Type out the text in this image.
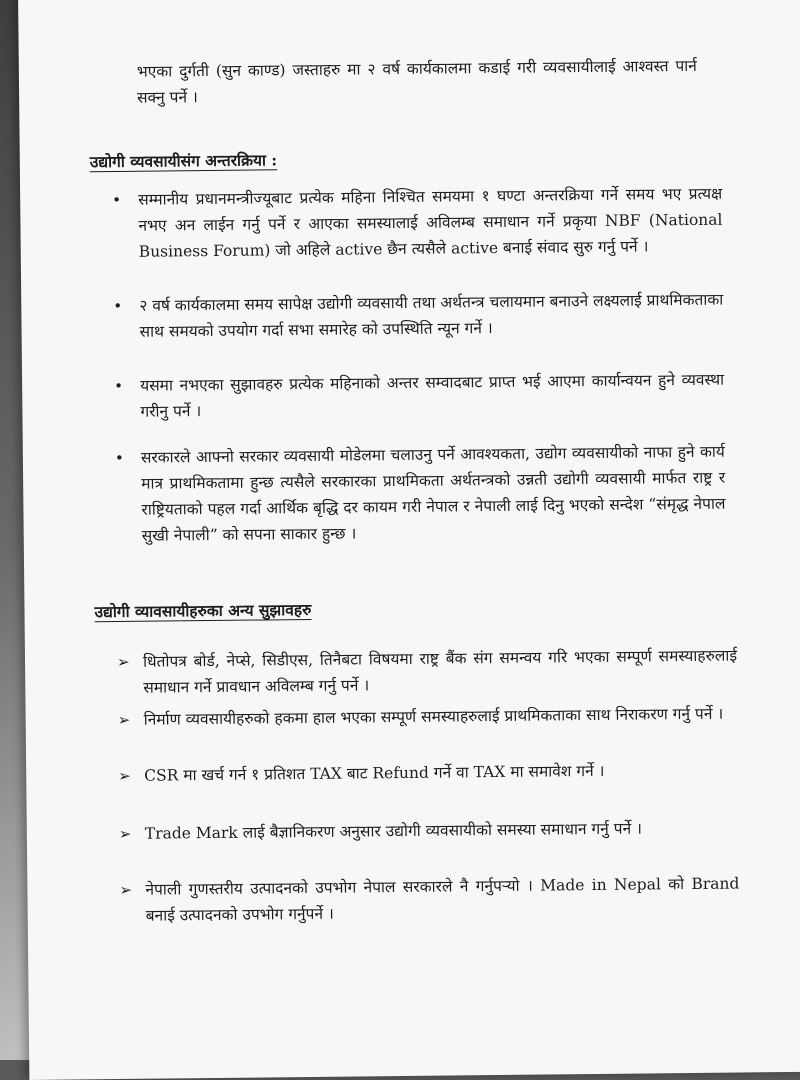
भएका दुर्गती (सुन काण्ड) जस्ताहरु मा २ वर्ष कार्यकालमा कडाई गरी व्यवसायीलाई आश्वस्त पार्न सक्नु पर्ने ।
उद्योगी व्यवसायीसंग अन्तरक्रिया :
•	सम्मानीय प्रधानमन्त्रीज्यूबाट प्रत्येक महिना निश्चित समयमा १ घण्टा अन्तरक्रिया गर्ने समय भए प्रत्यक्ष नभए अन लाईन गर्नु पर्ने र आएका समस्यालाई अविलम्ब समाधान गर्ने प्रकृया NBF (National Business Forum) जो अहिले active छैन त्यसैले active बनाई संवाद सुरु गर्नु पर्ने ।
•	२ वर्ष कार्यकालमा समय सापेक्ष उद्योगी व्यवसायी तथा अर्थतन्त्र चलायमान बनाउने लक्ष्यलाई प्राथमिकताका साथ समयको उपयोग गर्दा सभा समारेह को उपस्थिति न्यून गर्ने ।
•	यसमा नभएका सुझावहरु प्रत्येक महिनाको अन्तर सम्वादबाट प्राप्त भई आएमा कार्यान्वयन हुने व्यवस्था गरीनु पर्ने ।
•	सरकारले आफ्नो सरकार व्यवसायी मोडेलमा चलाउनु पर्ने आवश्यकता, उद्योग व्यवसायीको नाफा हुने कार्य मात्र प्राथमिकतामा हुन्छ त्यसैले सरकारका प्राथमिकता अर्थतन्त्रको उन्नती उद्योगी व्यवसायी मार्फत राष्ट्र र राष्ट्रियताको पहल गर्दा आर्थिक बृद्धि दर कायम गरी नेपाल र नेपाली लाई दिनु भएको सन्देश “संमृद्ध नेपाल सुखी नेपाली” को सपना साकार हुन्छ ।
उद्योगी व्यावसायीहरुका अन्य सुझावहरु
➢ धितोपत्र बोर्ड, नेप्से, सिडीएस, तिनैबटा विषयमा राष्ट्र बैंक संग समन्वय गरि भएका सम्पूर्ण समस्याहरुलाई समाधान गर्ने प्रावधान अविलम्ब गर्नु पर्ने ।
➢ निर्माण व्यवसायीहरुको हकमा हाल भएका सम्पूर्ण समस्याहरुलाई प्राथमिकताका साथ निराकरण गर्नु पर्ने ।
➢ CSR मा खर्च गर्न १ प्रतिशत TAX बाट Refund गर्ने वा TAX मा समावेश गर्ने ।
➢ Trade Mark लाई बैज्ञानिकरण अनुसार उद्योगी व्यवसायीको समस्या समाधान गर्नु पर्ने ।
➢ नेपाली गुणस्तरीय उत्पादनको उपभोग नेपाल सरकारले नै गर्नुपर्‍यो । Made in Nepal को Brand बनाई उत्पादनको उपभोग गर्नुपर्ने ।
